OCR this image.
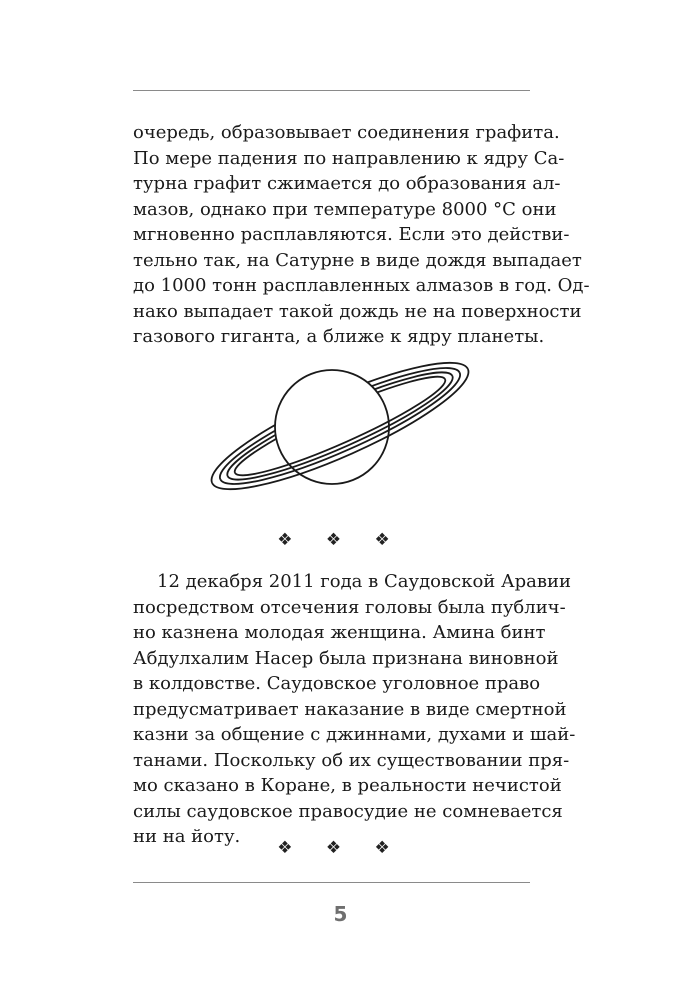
очередь, образовывает соединения графита.
По мере падения по направлению к ядру Са-
турна графит сжимается до образования ал-
мазов, однако при температуре 8000 °С они
мгновенно расплавляются. Если это действи-
тельно так, на Сатурне в виде дождя выпадает
до 1000 тонн расплавленных алмазов в год. Од-
нако выпадает такой дождь не на поверхности
газового гиганта, а ближе к ядру планеты.
❖ ❖ ❖
12 декабря 2011 года в Саудовской Аравии
посредством отсечения головы была публич-
но казнена молодая женщина. Амина бинт
Абдулхалим Насер была признана виновной
в колдовстве. Саудовское уголовное право
предусматривает наказание в виде смертной
казни за общение с джиннами, духами и шай-
танами. Поскольку об их существовании пря-
мо сказано в Коране, в реальности нечистой
силы саудовское правосудие не сомневается
ни на йоту.
❖ ❖ ❖
5
